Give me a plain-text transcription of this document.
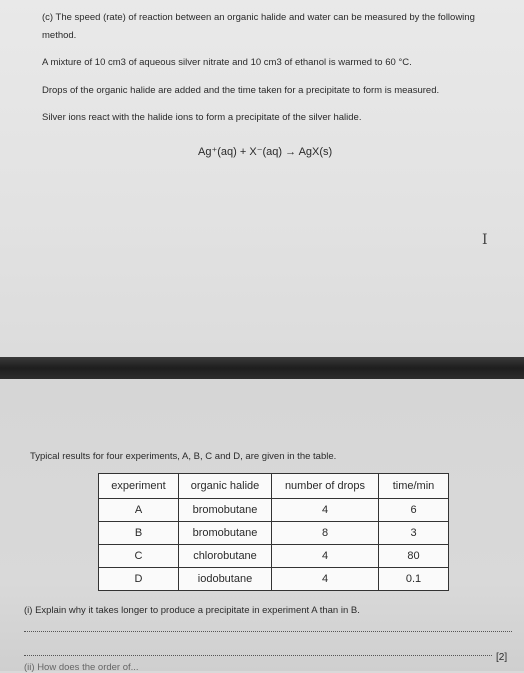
(c) The speed (rate) of reaction between an organic halide and water can be measured by the following
method.
A mixture of 10 cm3 of aqueous silver nitrate and 10 cm3 of ethanol is warmed to 60 °C.
Drops of the organic halide are added and the time taken for a precipitate to form is measured.
Silver ions react with the halide ions to form a precipitate of the silver halide.
Ag⁺(aq) + X⁻(aq) → AgX(s)
I
Typical results for four experiments, A, B, C and D, are given in the table.
experiment	organic halide	number of drops	time/min
A	bromobutane	4	6
B	bromobutane	8	3
C	chlorobutane	4	80
D	iodobutane	4	0.1
(i) Explain why it takes longer to produce a precipitate in experiment A than in B.
[2]
(ii) How does the order of...
